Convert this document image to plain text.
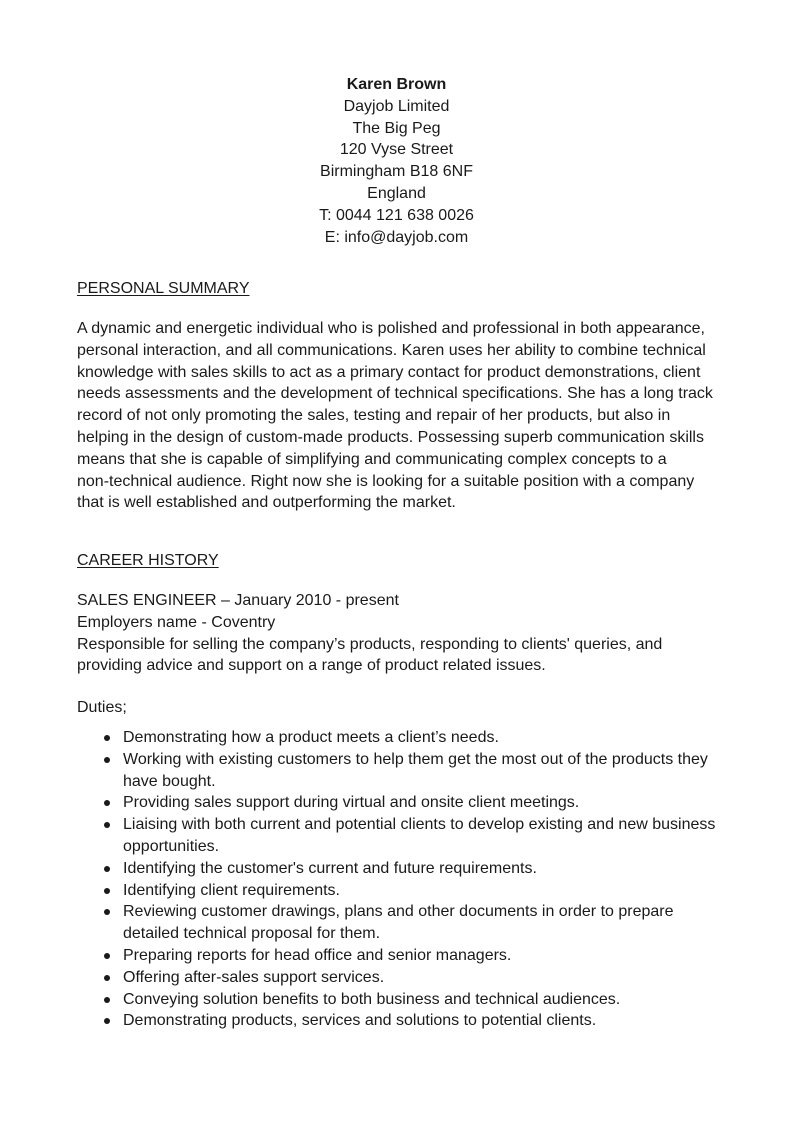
Karen Brown
Dayjob Limited
The Big Peg
120 Vyse Street
Birmingham B18 6NF
England
T: 0044 121 638 0026
E: info@dayjob.com
PERSONAL SUMMARY
A dynamic and energetic individual who is polished and professional in both appearance,
personal interaction, and all communications. Karen uses her ability to combine technical
knowledge with sales skills to act as a primary contact for product demonstrations, client
needs assessments and the development of technical specifications. She has a long track
record of not only promoting the sales, testing and repair of her products, but also in
helping in the design of custom-made products. Possessing superb communication skills
means that she is capable of simplifying and communicating complex concepts to a
non-technical audience. Right now she is looking for a suitable position with a company
that is well established and outperforming the market.
CAREER HISTORY
SALES ENGINEER – January 2010 - present
Employers name - Coventry
Responsible for selling the company’s products, responding to clients' queries, and
providing advice and support on a range of product related issues.
Duties;
Demonstrating how a product meets a client’s needs.
Working with existing customers to help them get the most out of the products they
have bought.
Providing sales support during virtual and onsite client meetings.
Liaising with both current and potential clients to develop existing and new business
opportunities.
Identifying the customer's current and future requirements.
Identifying client requirements.
Reviewing customer drawings, plans and other documents in order to prepare
detailed technical proposal for them.
Preparing reports for head office and senior managers.
Offering after-sales support services.
Conveying solution benefits to both business and technical audiences.
Demonstrating products, services and solutions to potential clients.
